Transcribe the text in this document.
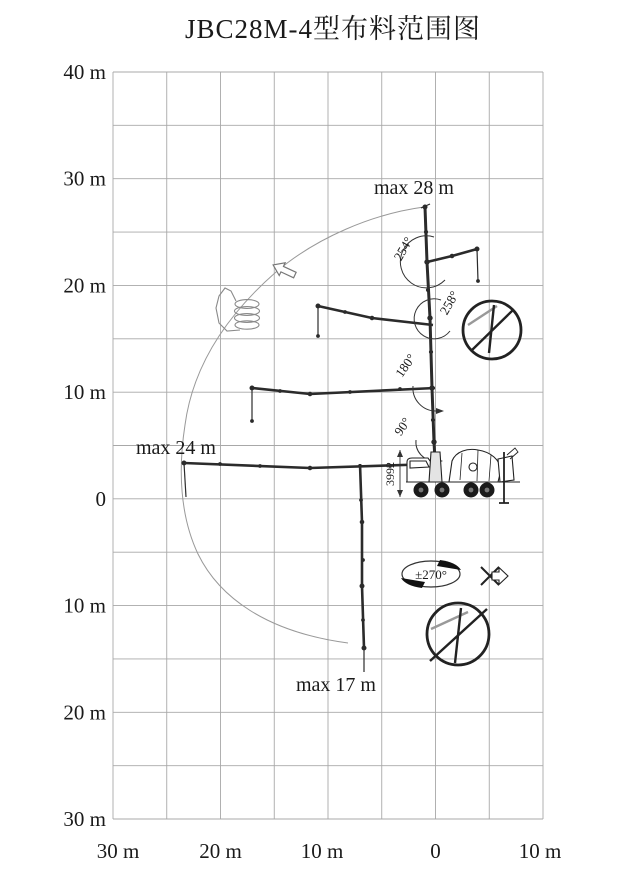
JBC28M-4型布料范围图
40 m
30 m
20 m
10 m
0
10 m
20 m
30 m
30 m	20 m	10 m	0	10 m
254°
258°
180°
90°
max 28 m
max 24 m
max 17 m
3992
±270°
